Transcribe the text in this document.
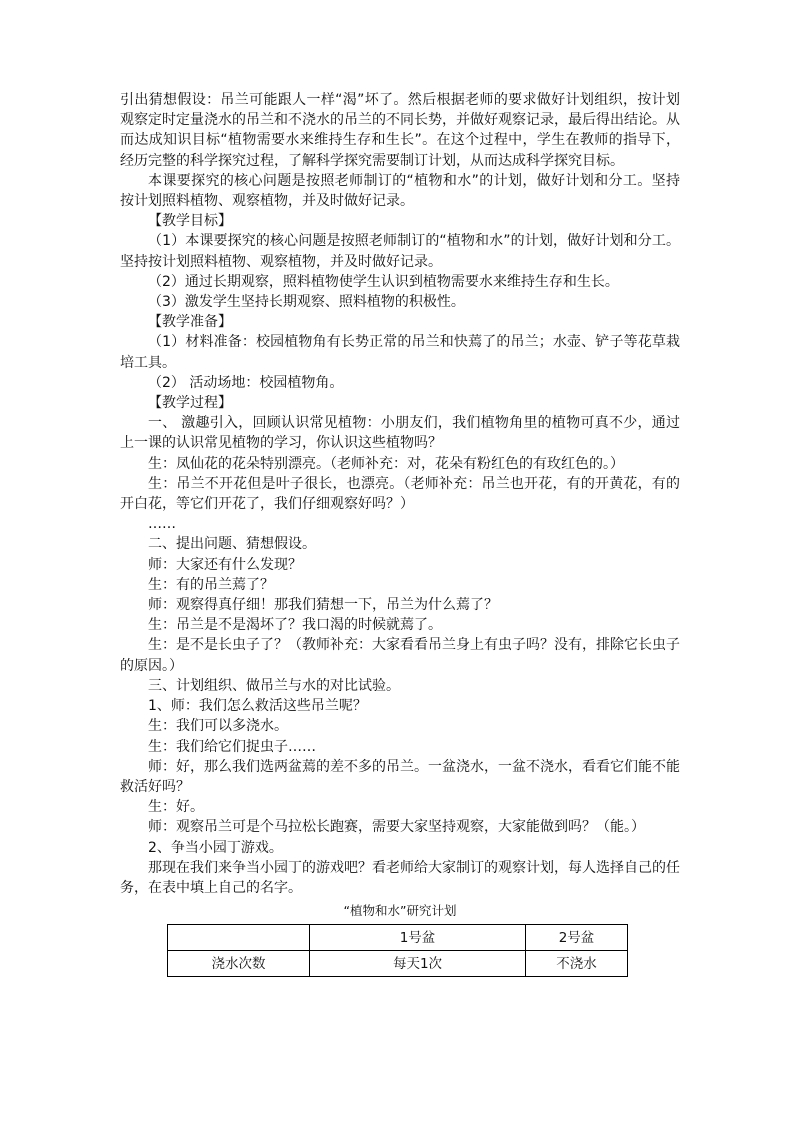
引出猜想假设：吊兰可能跟人一样“渴”坏了。然后根据老师的要求做好计划组织，按计划观察定时定量浇水的吊兰和不浇水的吊兰的不同长势，并做好观察记录，最后得出结论。从而达成知识目标“植物需要水来维持生存和生长”。在这个过程中，学生在教师的指导下，经历完整的科学探究过程，了解科学探究需要制订计划，从而达成科学探究目标。

本课要探究的核心问题是按照老师制订的“植物和水”的计划，做好计划和分工。坚持按计划照料植物、观察植物，并及时做好记录。

【教学目标】

（1）本课要探究的核心问题是按照老师制订的“植物和水”的计划，做好计划和分工。坚持按计划照料植物、观察植物，并及时做好记录。

（2）通过长期观察，照料植物使学生认识到植物需要水来维持生存和生长。

（3）激发学生坚持长期观察、照料植物的积极性。

【教学准备】

（1）材料准备：校园植物角有长势正常的吊兰和快蔫了的吊兰；水壶、铲子等花草栽培工具。

（2） 活动场地：校园植物角。

【教学过程】

一、 激趣引入，回顾认识常见植物：小朋友们，我们植物角里的植物可真不少，通过上一课的认识常见植物的学习，你认识这些植物吗？

生：凤仙花的花朵特别漂亮。（老师补充：对，花朵有粉红色的有玫红色的。）

生：吊兰不开花但是叶子很长，也漂亮。（老师补充：吊兰也开花，有的开黄花，有的开白花，等它们开花了，我们仔细观察好吗？）

……

二、提出问题、猜想假设。

师：大家还有什么发现？

生：有的吊兰蔫了？

师：观察得真仔细！那我们猜想一下，吊兰为什么蔫了？

生：吊兰是不是渴坏了？我口渴的时候就蔫了。

生：是不是长虫子了？（教师补充：大家看看吊兰身上有虫子吗？没有，排除它长虫子的原因。）

三、计划组织、做吊兰与水的对比试验。

1、师：我们怎么救活这些吊兰呢？

生：我们可以多浇水。

生：我们给它们捉虫子……

师：好，那么我们选两盆蔫的差不多的吊兰。一盆浇水，一盆不浇水，看看它们能不能救活好吗？

生：好。

师：观察吊兰可是个马拉松长跑赛，需要大家坚持观察，大家能做到吗？（能。）

2、争当小园丁游戏。

那现在我们来争当小园丁的游戏吧？看老师给大家制订的观察计划，每人选择自己的任务，在表中填上自己的名字。

“植物和水”研究计划

	1号盆	2号盆
浇水次数	每天1次	不浇水
